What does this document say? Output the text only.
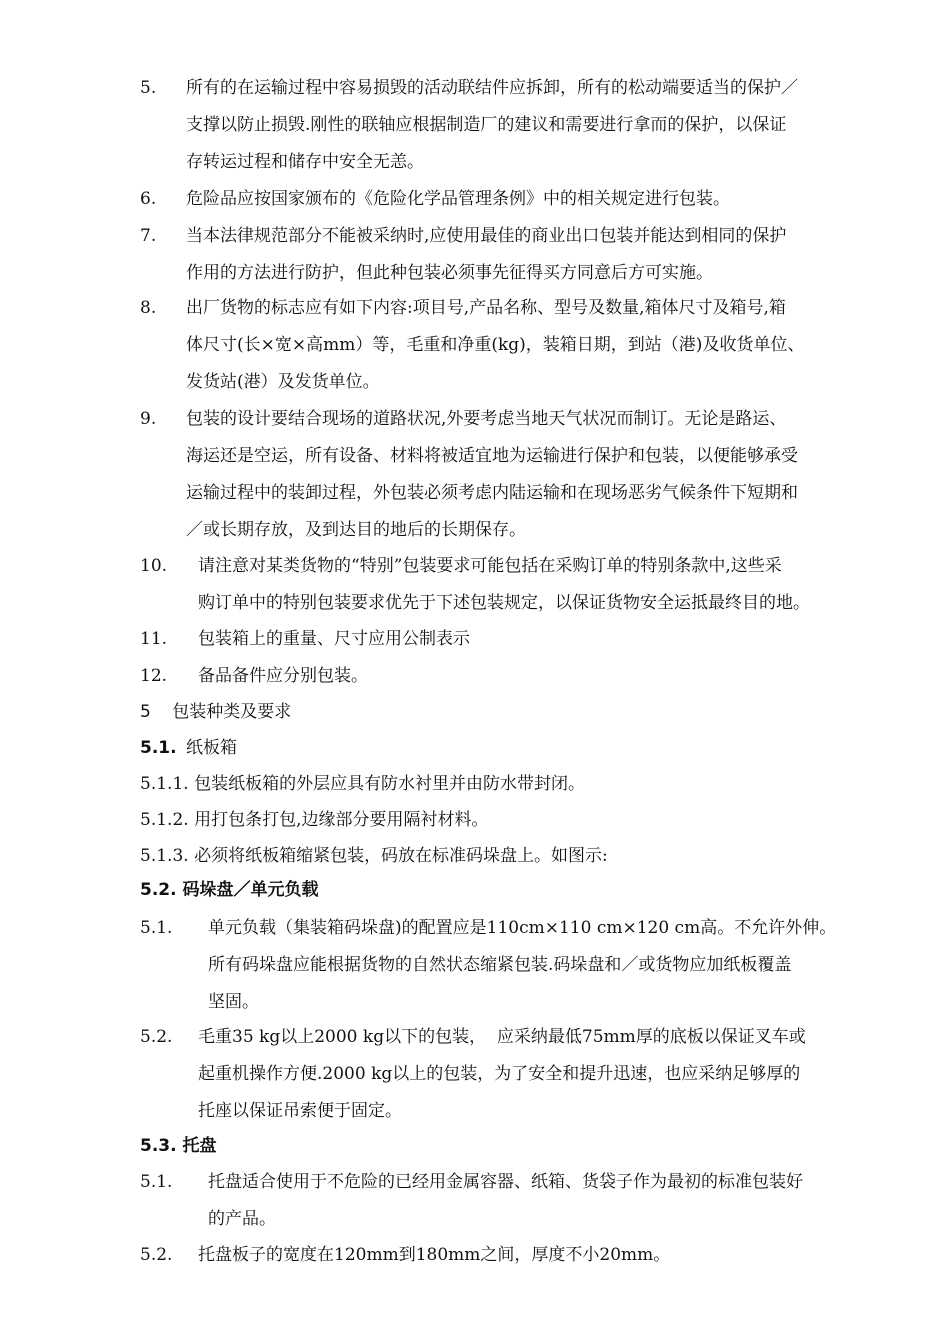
5. 所有的在运输过程中容易损毁的活动联结件应拆卸，所有的松动端要适当的保护／
支撑以防止损毁.刚性的联轴应根据制造厂的建议和需要进行拿而的保护，以保证
存转运过程和储存中安全无恙。
6. 危险品应按国家颁布的《危险化学品管理条例》中的相关规定进行包装。
7. 当本法律规范部分不能被采纳时,应使用最佳的商业出口包装并能达到相同的保护
作用的方法进行防护，但此种包装必须事先征得买方同意后方可实施。
8. 出厂货物的标志应有如下内容:项目号,产品名称、型号及数量,箱体尺寸及箱号,箱
体尺寸(长×宽×高mm）等，毛重和净重(kg)，装箱日期，到站（港)及收货单位、
发货站(港）及发货单位。
9. 包装的设计要结合现场的道路状况,外要考虑当地天气状况而制订。无论是路运、
海运还是空运，所有设备、材料将被适宜地为运输进行保护和包装，以便能够承受
运输过程中的装卸过程，外包装必须考虑内陆运输和在现场恶劣气候条件下短期和
／或长期存放，及到达目的地后的长期保存。
10. 请注意对某类货物的“特别”包装要求可能包括在采购订单的特别条款中,这些采
购订单中的特别包装要求优先于下述包装规定，以保证货物安全运抵最终目的地。
11. 包装箱上的重量、尺寸应用公制表示
12. 备品备件应分别包装。
5 包装种类及要求
5.1. 纸板箱
5.1.1. 包装纸板箱的外层应具有防水衬里并由防水带封闭。
5.1.2. 用打包条打包,边缘部分要用隔衬材料。
5.1.3. 必须将纸板箱缩紧包装，码放在标准码垛盘上。如图示:
5.2. 码垛盘／单元负载
5.1. 单元负载（集装箱码垛盘)的配置应是110cm×110 cm×120 cm高。不允许外伸。
所有码垛盘应能根据货物的自然状态缩紧包装.码垛盘和／或货物应加纸板覆盖
坚固。
5.2. 毛重35 kg以上2000 kg以下的包装，  应采纳最低75mm厚的底板以保证叉车或
起重机操作方便.2000 kg以上的包装，为了安全和提升迅速，也应采纳足够厚的
托座以保证吊索便于固定。
5.3. 托盘
5.1. 托盘适合使用于不危险的已经用金属容器、纸箱、货袋子作为最初的标准包装好
的产品。
5.2. 托盘板子的宽度在120mm到180mm之间，厚度不小20mm。
